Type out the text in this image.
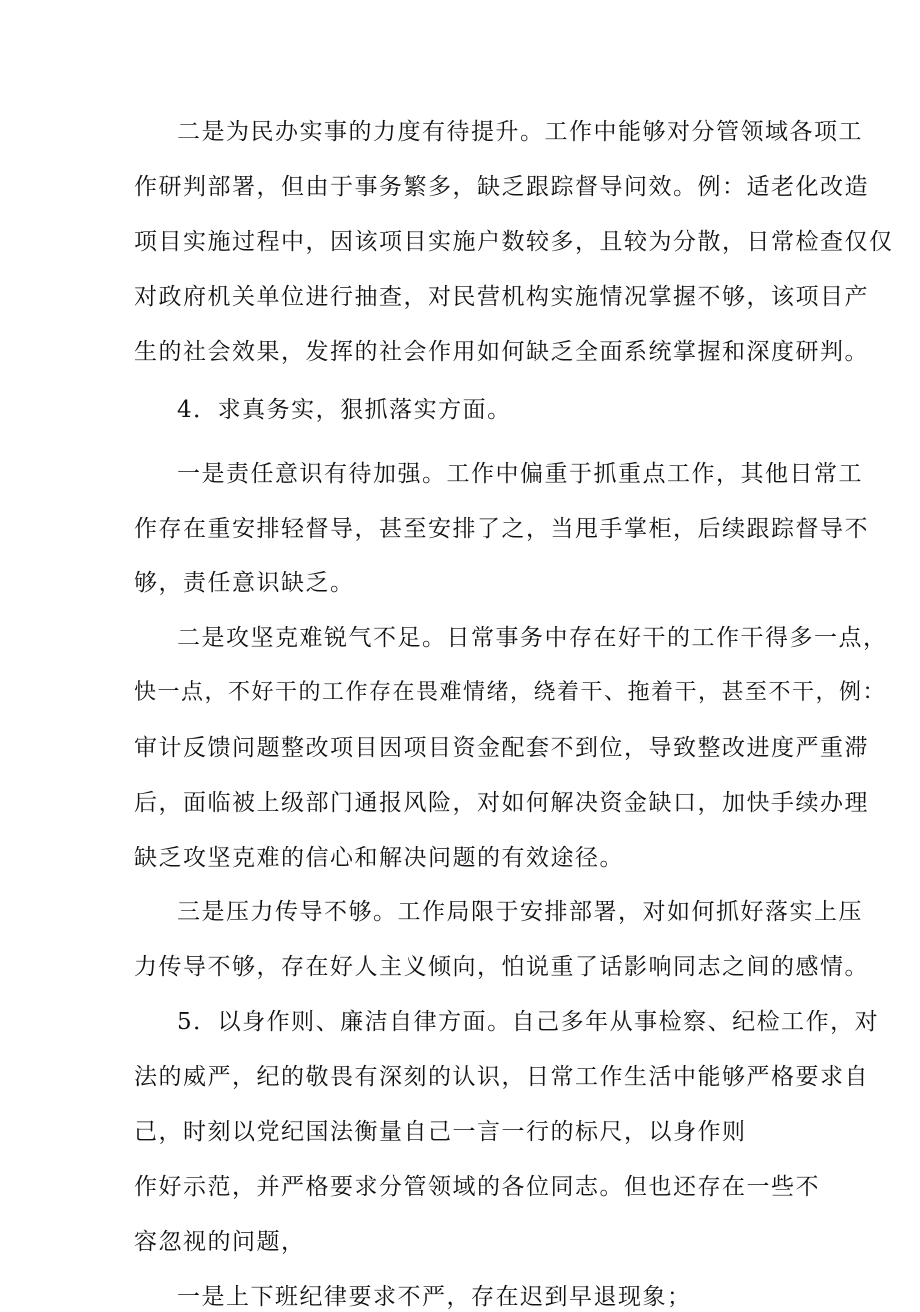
二是为民办实事的力度有待提升。工作中能够对分管领域各项工
作研判部署，但由于事务繁多，缺乏跟踪督导问效。例：适老化改造
项目实施过程中，因该项目实施户数较多，且较为分散，日常检查仅仅
对政府机关单位进行抽查，对民营机构实施情况掌握不够，该项目产
生的社会效果，发挥的社会作用如何缺乏全面系统掌握和深度研判。
4．求真务实，狠抓落实方面。
一是责任意识有待加强。工作中偏重于抓重点工作，其他日常工
作存在重安排轻督导，甚至安排了之，当甩手掌柜，后续跟踪督导不
够，责任意识缺乏。
二是攻坚克难锐气不足。日常事务中存在好干的工作干得多一点，
快一点，不好干的工作存在畏难情绪，绕着干、拖着干，甚至不干，例：
审计反馈问题整改项目因项目资金配套不到位，导致整改进度严重滞
后，面临被上级部门通报风险，对如何解决资金缺口，加快手续办理
缺乏攻坚克难的信心和解决问题的有效途径。
三是压力传导不够。工作局限于安排部署，对如何抓好落实上压
力传导不够，存在好人主义倾向，怕说重了话影响同志之间的感情。
5．以身作则、廉洁自律方面。自己多年从事检察、纪检工作，对
法的威严，纪的敬畏有深刻的认识，日常工作生活中能够严格要求自
己，时刻以党纪国法衡量自己一言一行的标尺，以身作则
作好示范，并严格要求分管领域的各位同志。但也还存在一些不
容忽视的问题，
一是上下班纪律要求不严，存在迟到早退现象；
